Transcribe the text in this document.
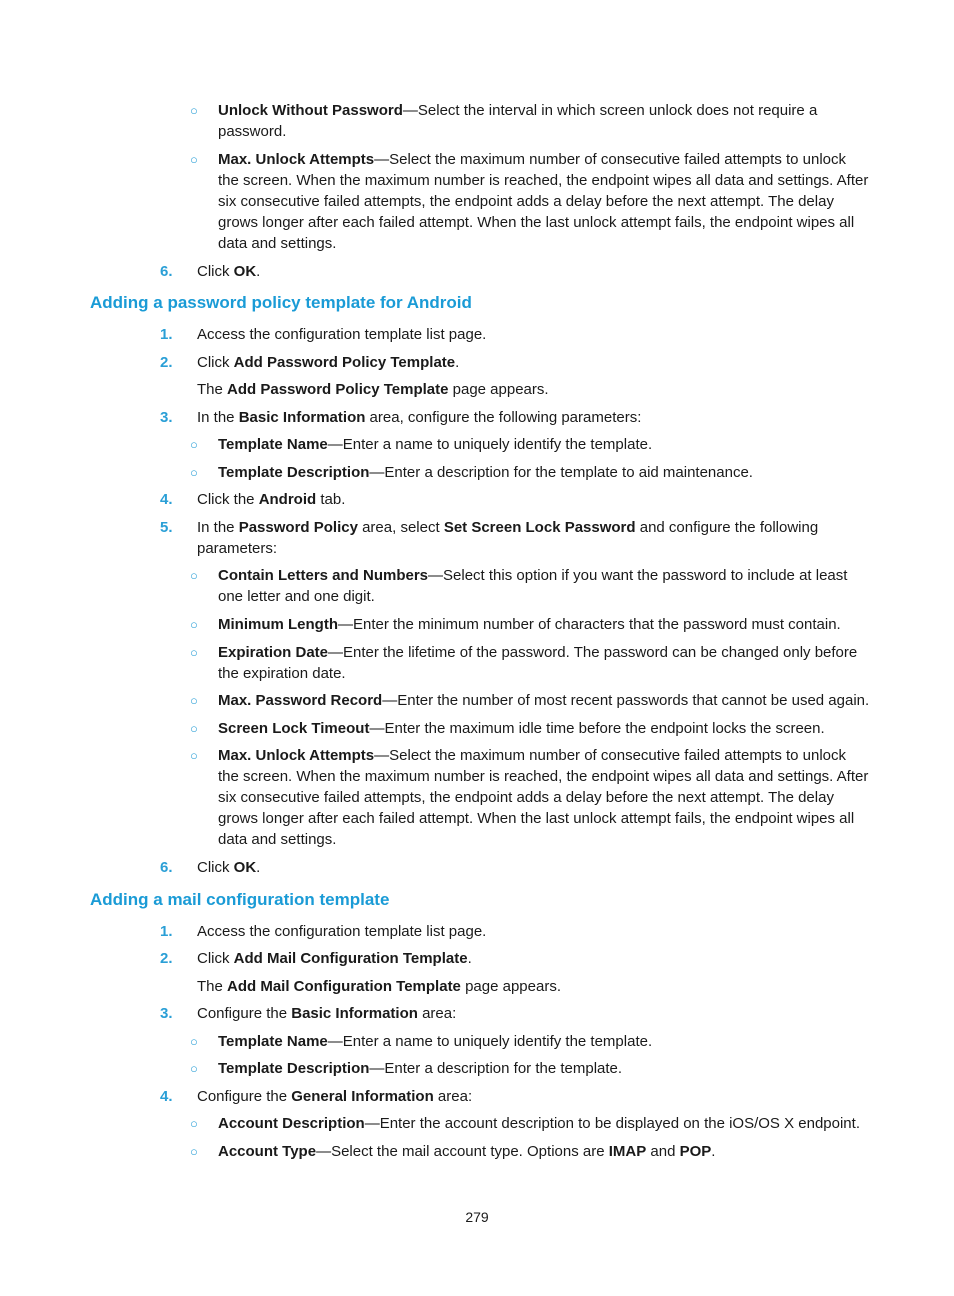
○ Unlock Without Password—Select the interval in which screen unlock does not require a password.
○ Max. Unlock Attempts—Select the maximum number of consecutive failed attempts to unlock the screen. When the maximum number is reached, the endpoint wipes all data and settings. After six consecutive failed attempts, the endpoint adds a delay before the next attempt. The delay grows longer after each failed attempt. When the last unlock attempt fails, the endpoint wipes all data and settings.
6. Click OK.
Adding a password policy template for Android
1. Access the configuration template list page.
2. Click Add Password Policy Template.
The Add Password Policy Template page appears.
3. In the Basic Information area, configure the following parameters:
○ Template Name—Enter a name to uniquely identify the template.
○ Template Description—Enter a description for the template to aid maintenance.
4. Click the Android tab.
5. In the Password Policy area, select Set Screen Lock Password and configure the following parameters:
○ Contain Letters and Numbers—Select this option if you want the password to include at least one letter and one digit.
○ Minimum Length—Enter the minimum number of characters that the password must contain.
○ Expiration Date—Enter the lifetime of the password. The password can be changed only before the expiration date.
○ Max. Password Record—Enter the number of most recent passwords that cannot be used again.
○ Screen Lock Timeout—Enter the maximum idle time before the endpoint locks the screen.
○ Max. Unlock Attempts—Select the maximum number of consecutive failed attempts to unlock the screen. When the maximum number is reached, the endpoint wipes all data and settings. After six consecutive failed attempts, the endpoint adds a delay before the next attempt. The delay grows longer after each failed attempt. When the last unlock attempt fails, the endpoint wipes all data and settings.
6. Click OK.
Adding a mail configuration template
1. Access the configuration template list page.
2. Click Add Mail Configuration Template.
The Add Mail Configuration Template page appears.
3. Configure the Basic Information area:
○ Template Name—Enter a name to uniquely identify the template.
○ Template Description—Enter a description for the template.
4. Configure the General Information area:
○ Account Description—Enter the account description to be displayed on the iOS/OS X endpoint.
○ Account Type—Select the mail account type. Options are IMAP and POP.
279
